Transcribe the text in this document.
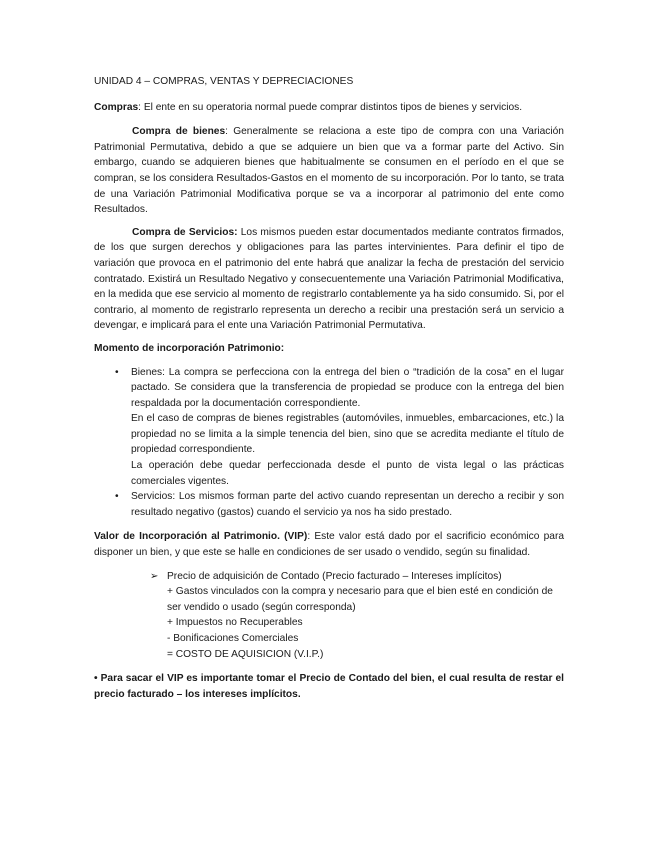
UNIDAD 4 – COMPRAS, VENTAS Y DEPRECIACIONES

Compras: El ente en su operatoria normal puede comprar distintos tipos de bienes y servicios.

Compra de bienes: Generalmente se relaciona a este tipo de compra con una Variación Patrimonial Permutativa, debido a que se adquiere un bien que va a formar parte del Activo. Sin embargo, cuando se adquieren bienes que habitualmente se consumen en el período en el que se compran, se los considera Resultados-Gastos en el momento de su incorporación. Por lo tanto, se trata de una Variación Patrimonial Modificativa porque se va a incorporar al patrimonio del ente como Resultados.

Compra de Servicios: Los mismos pueden estar documentados mediante contratos firmados, de los que surgen derechos y obligaciones para las partes intervinientes. Para definir el tipo de variación que provoca en el patrimonio del ente habrá que analizar la fecha de prestación del servicio contratado. Existirá un Resultado Negativo y consecuentemente una Variación Patrimonial Modificativa, en la medida que ese servicio al momento de registrarlo contablemente ya ha sido consumido. Si, por el contrario, al momento de registrarlo representa un derecho a recibir una prestación será un servicio a devengar, e implicará para el ente una Variación Patrimonial Permutativa.

Momento de incorporación Patrimonio:

• Bienes: La compra se perfecciona con la entrega del bien o “tradición de la cosa” en el lugar pactado. Se considera que la transferencia de propiedad se produce con la entrega del bien respaldada por la documentación correspondiente.

En el caso de compras de bienes registrables (automóviles, inmuebles, embarcaciones, etc.) la propiedad no se limita a la simple tenencia del bien, sino que se acredita mediante el título de propiedad correspondiente.

La operación debe quedar perfeccionada desde el punto de vista legal o las prácticas comerciales vigentes.

• Servicios: Los mismos forman parte del activo cuando representan un derecho a recibir y son resultado negativo (gastos) cuando el servicio ya nos ha sido prestado.

Valor de Incorporación al Patrimonio. (VIP): Este valor está dado por el sacrificio económico para disponer un bien, y que este se halle en condiciones de ser usado o vendido, según su finalidad.

➢ Precio de adquisición de Contado (Precio facturado – Intereses implícitos)

+ Gastos vinculados con la compra y necesario para que el bien esté en condición de ser vendido o usado (según corresponda)

+ Impuestos no Recuperables

- Bonificaciones Comerciales

= COSTO DE AQUISICION (V.I.P.)

• Para sacar el VIP es importante tomar el Precio de Contado del bien, el cual resulta de restar el precio facturado – los intereses implícitos.
